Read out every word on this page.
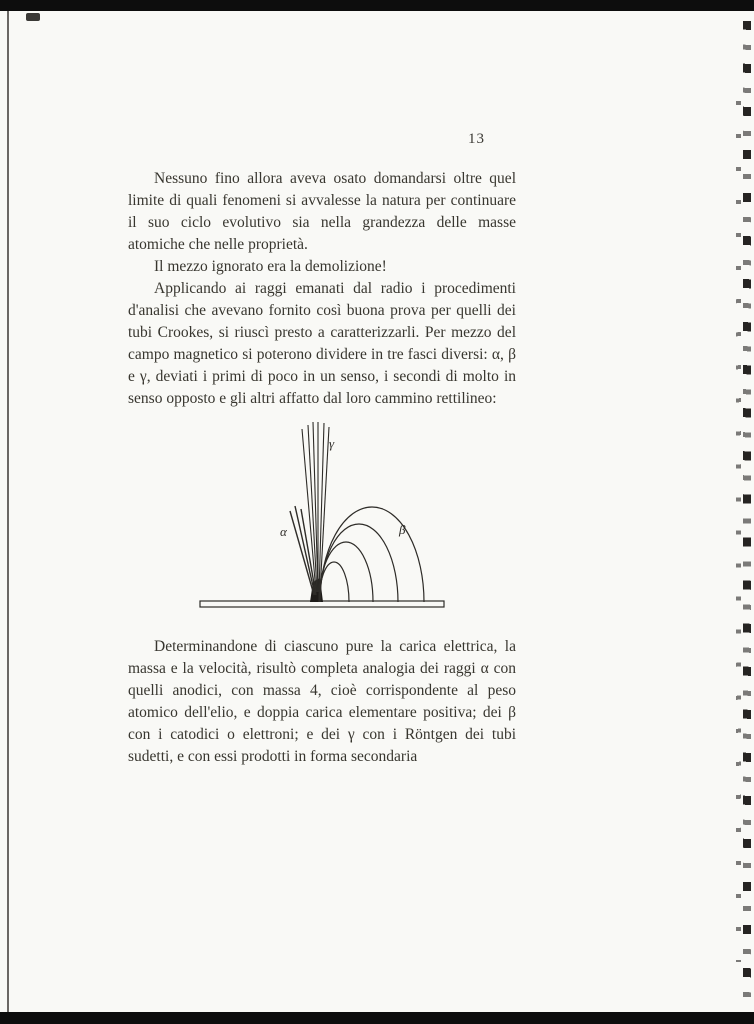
13

Nessuno fino allora aveva osato domandarsi oltre quel limite di quali fenomeni si avvalesse la natura per continuare il suo ciclo evolutivo sia nella grandezza delle masse atomiche che nelle proprietà.

Il mezzo ignorato era la demolizione!

Applicando ai raggi emanati dal radio i procedimenti d'analisi che avevano fornito così buona prova per quelli dei tubi Crookes, si riuscì presto a caratterizzarli. Per mezzo del campo magnetico si poterono dividere in tre fasci diversi: α, β e γ, deviati i primi di poco in un senso, i secondi di molto in senso opposto e gli altri affatto dal loro cammino rettilineo:

γ
α	β

Determinandone di ciascuno pure la carica elettrica, la massa e la velocità, risultò completa analogia dei raggi α con quelli anodici, con massa 4, cioè corrispondente al peso atomico dell'elio, e doppia carica elementare positiva; dei β con i catodici o elettroni; e dei γ con i Röntgen dei tubi sudetti, e con essi prodotti in forma secondaria
